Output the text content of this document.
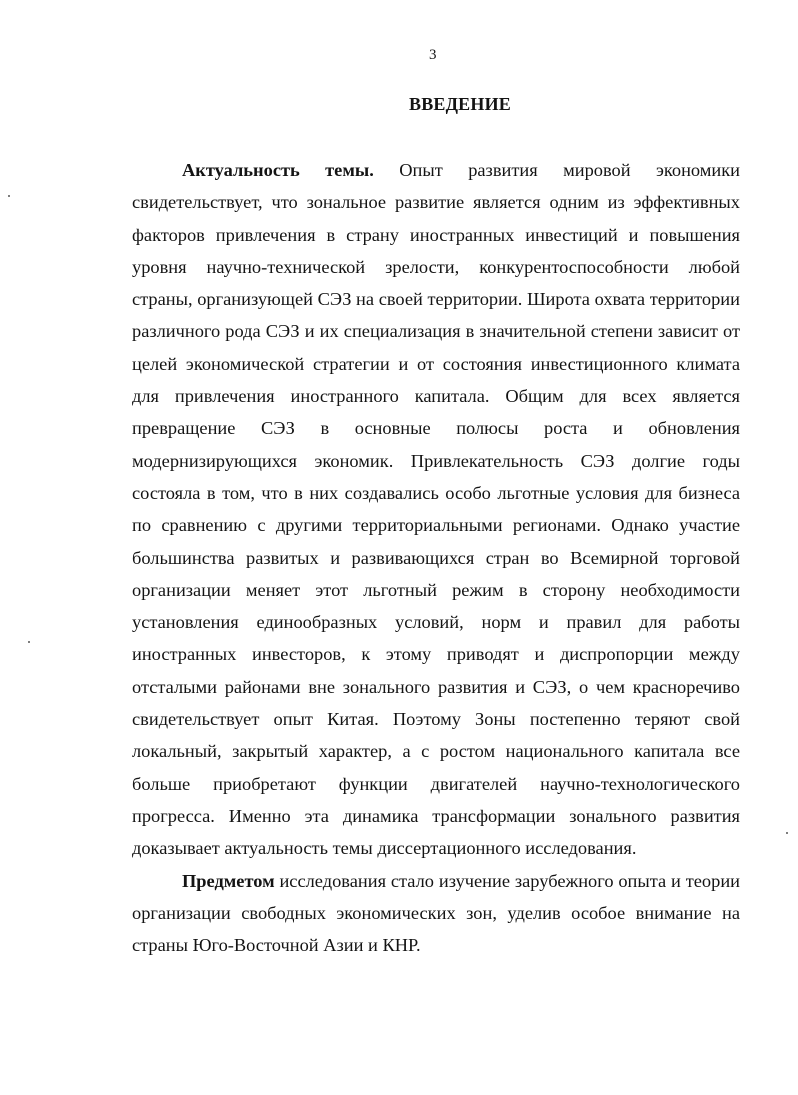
3
ВВЕДЕНИЕ

Актуальность темы. Опыт развития мировой экономики свидетельствует, что зональное развитие является одним из эффективных факторов привлечения в страну иностранных инвестиций и повышения уровня научно-технической зрелости, конкурентоспособности любой страны, организующей СЭЗ на своей территории. Широта охвата территории различного рода СЭЗ и их специализация в значительной степени зависит от целей экономической стратегии и от состояния инвестиционного климата для привлечения иностранного капитала. Общим для всех является превращение СЭЗ в основные полюсы роста и обновления модернизирующихся экономик. Привлекательность СЭЗ долгие годы состояла в том, что в них создавались особо льготные условия для бизнеса по сравнению с другими территориальными регионами. Однако участие большинства развитых и развивающихся стран во Всемирной торговой организации меняет этот льготный режим в сторону необходимости установления единообразных условий, норм и правил для работы иностранных инвесторов, к этому приводят и диспропорции между отсталыми районами вне зонального развития и СЭЗ, о чем красноречиво свидетельствует опыт Китая. Поэтому Зоны постепенно теряют свой локальный, закрытый характер, а с ростом национального капитала все больше приобретают функции двигателей научно-технологического прогресса. Именно эта динамика трансформации зонального развития доказывает актуальность темы диссертационного исследования.

Предметом исследования стало изучение зарубежного опыта и теории организации свободных экономических зон, уделив особое внимание на страны Юго-Восточной Азии и КНР.
